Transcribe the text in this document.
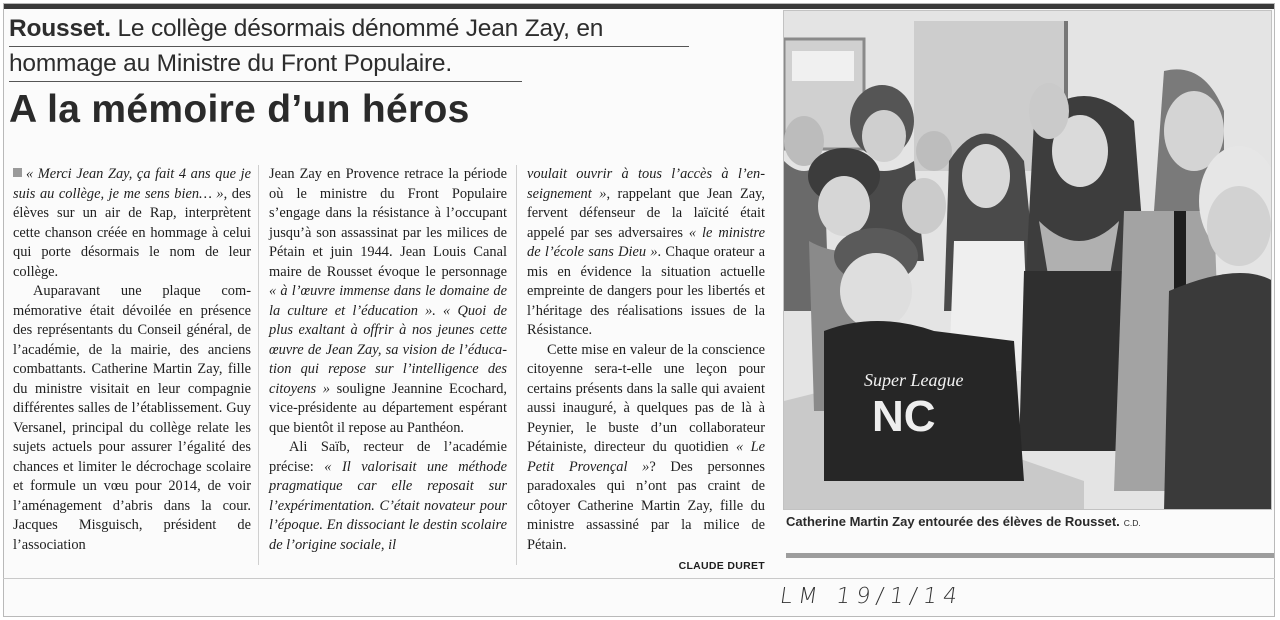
Rousset. Le collège désormais dénommé Jean Zay, en
hommage au Ministre du Front Populaire.
A la mémoire d’un héros

« Merci Jean Zay, ça fait 4 ans que je suis au collège, je me sens bien… », des élèves sur un air de Rap, interprètent cette chanson créée en hommage à celui qui porte désormais le nom de leur collège.

Auparavant une plaque commémorative était dévoilée en présence des représentants du Conseil général, de l’académie, de la mairie, des anciens combattants. Catherine Martin Zay, fille du ministre visitait en leur compagnie différentes salles de l’établissement. Guy Versanel, principal du collège relate les sujets actuels pour assurer l’égalité des chances et limiter le décrochage scolaire et formule un vœu pour 2014, de voir l’aménagement d’abris dans la cour. Jacques Misguisch, président de l’association

Jean Zay en Provence retrace la période où le ministre du Front Populaire s’engage dans la résistance à l’occupant jusqu’à son assassinat par les milices de Pétain et juin 1944. Jean Louis Canal maire de Rousset évoque le personnage « à l’œuvre immense dans le domaine de la culture et l’éducation ». « Quoi de plus exaltant à offrir à nos jeunes cette œuvre de Jean Zay, sa vision de l’éducation qui repose sur l’intelligence des citoyens » souligne Jeannine Ecochard, vice-présidente au département espérant que bientôt il repose au Panthéon.

Ali Saïb, recteur de l’académie précise: « Il valorisait une méthode pragmatique car elle reposait sur l’expérimentation. C’était novateur pour l’époque. En dissociant le destin scolaire de l’origine sociale, il

voulait ouvrir à tous l’accès à l’enseignement », rappelant que Jean Zay, fervent défenseur de la laïcité était appelé par ses adversaires « le ministre de l’école sans Dieu ». Chaque orateur a mis en évidence la situation actuelle empreinte de dangers pour les libertés et l’héritage des réalisations issues de la Résistance.

Cette mise en valeur de la conscience citoyenne sera-t-elle une leçon pour certains présents dans la salle qui avaient aussi inauguré, à quelques pas de là à Peynier, le buste d’un collaborateur Pétainiste, directeur du quotidien « Le Petit Provençal »? Des personnes paradoxales qui n’ont pas craint de côtoyer Catherine Martin Zay, fille du ministre assassiné par la milice de Pétain.

CLAUDE DURET
Super League
NC
Catherine Martin Zay entourée des élèves de Rousset. C.D.
LM 19/1/14
